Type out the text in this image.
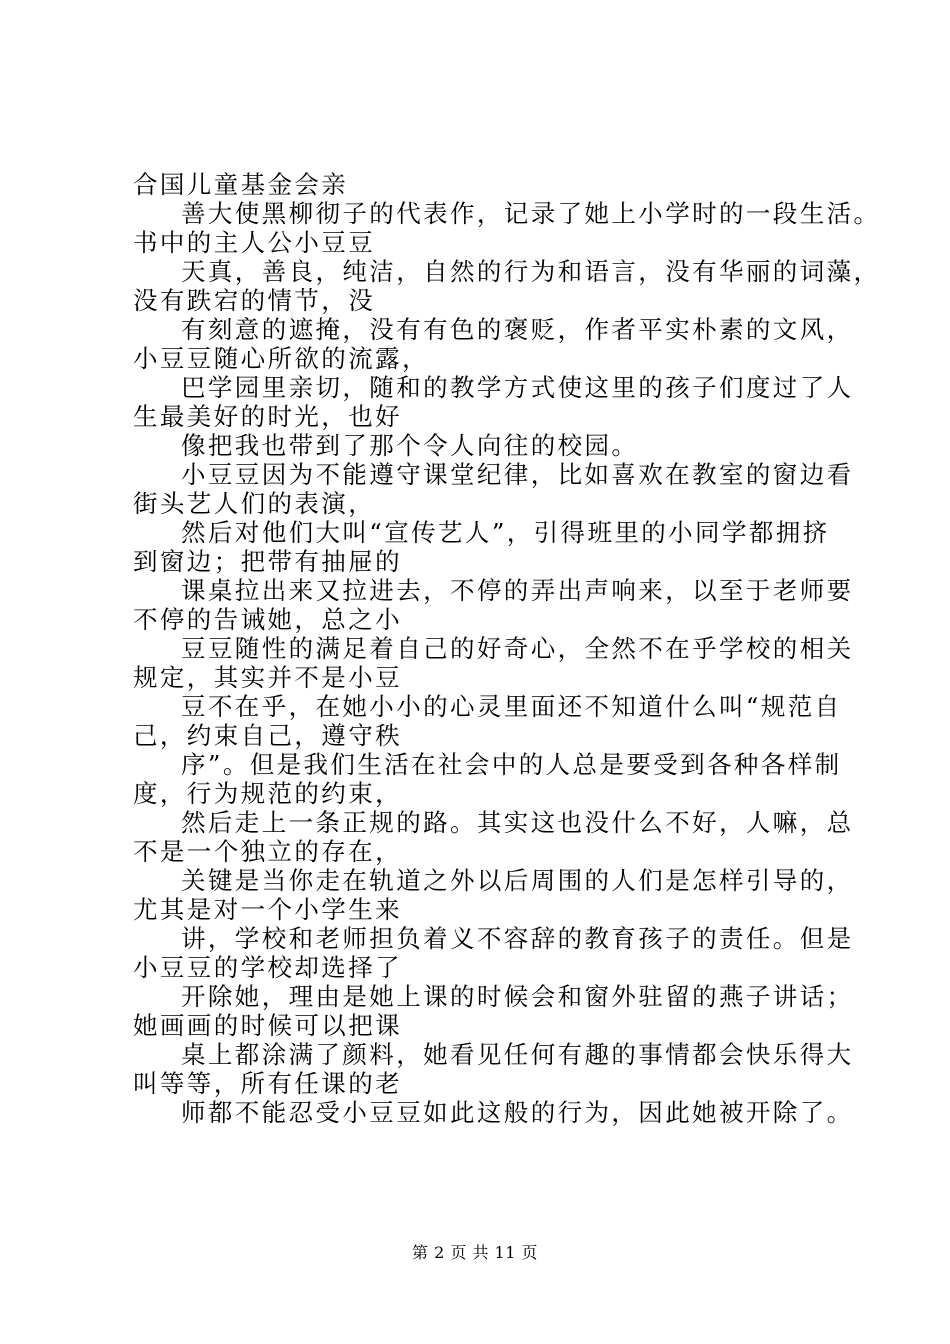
合国儿童基金会亲
善大使黑柳彻子的代表作，记录了她上小学时的一段生活。
书中的主人公小豆豆
天真，善良，纯洁，自然的行为和语言，没有华丽的词藻，
没有跌宕的情节，没
有刻意的遮掩，没有有色的褒贬，作者平实朴素的文风，
小豆豆随心所欲的流露，
巴学园里亲切，随和的教学方式使这里的孩子们度过了人
生最美好的时光，也好
像把我也带到了那个令人向往的校园。
小豆豆因为不能遵守课堂纪律，比如喜欢在教室的窗边看
街头艺人们的表演，
然后对他们大叫“宣传艺人”，引得班里的小同学都拥挤
到窗边；把带有抽屉的
课桌拉出来又拉进去，不停的弄出声响来，以至于老师要
不停的告诫她，总之小
豆豆随性的满足着自己的好奇心，全然不在乎学校的相关
规定，其实并不是小豆
豆不在乎，在她小小的心灵里面还不知道什么叫“规范自
己，约束自己，遵守秩
序”。但是我们生活在社会中的人总是要受到各种各样制
度，行为规范的约束，
然后走上一条正规的路。其实这也没什么不好，人嘛，总
不是一个独立的存在，
关键是当你走在轨道之外以后周围的人们是怎样引导的，
尤其是对一个小学生来
讲，学校和老师担负着义不容辞的教育孩子的责任。但是
小豆豆的学校却选择了
开除她，理由是她上课的时候会和窗外驻留的燕子讲话；
她画画的时候可以把课
桌上都涂满了颜料，她看见任何有趣的事情都会快乐得大
叫等等，所有任课的老
师都不能忍受小豆豆如此这般的行为，因此她被开除了。
第 2 页 共 11 页
